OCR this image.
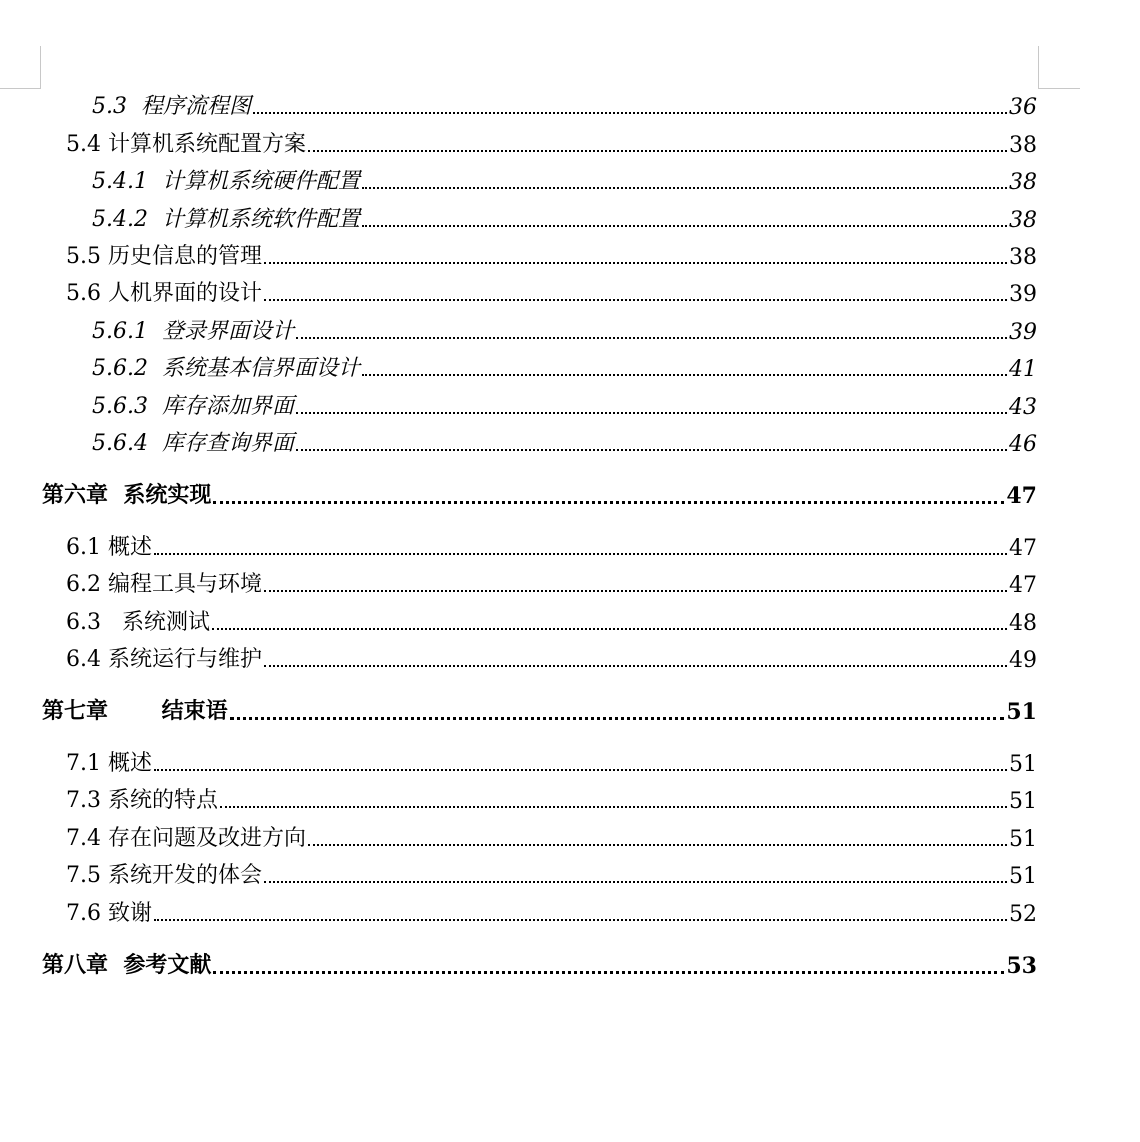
5.3 程序流程图	36
5.4 计算机系统配置方案	38
5.4.1 计算机系统硬件配置	38
5.4.2 计算机系统软件配置	38
5.5 历史信息的管理	38
5.6 人机界面的设计	39
5.6.1 登录界面设计	39
5.6.2 系统基本信界面设计	41
5.6.3 库存添加界面	43
5.6.4 库存查询界面	46
第六章 系统实现	47
6.1 概述	47
6.2 编程工具与环境	47
6.3 系统测试	48
6.4 系统运行与维护	49
第七章 结束语	51
7.1 概述	51
7.3 系统的特点	51
7.4 存在问题及改进方向	51
7.5 系统开发的体会	51
7.6 致谢	52
第八章 参考文献	53
